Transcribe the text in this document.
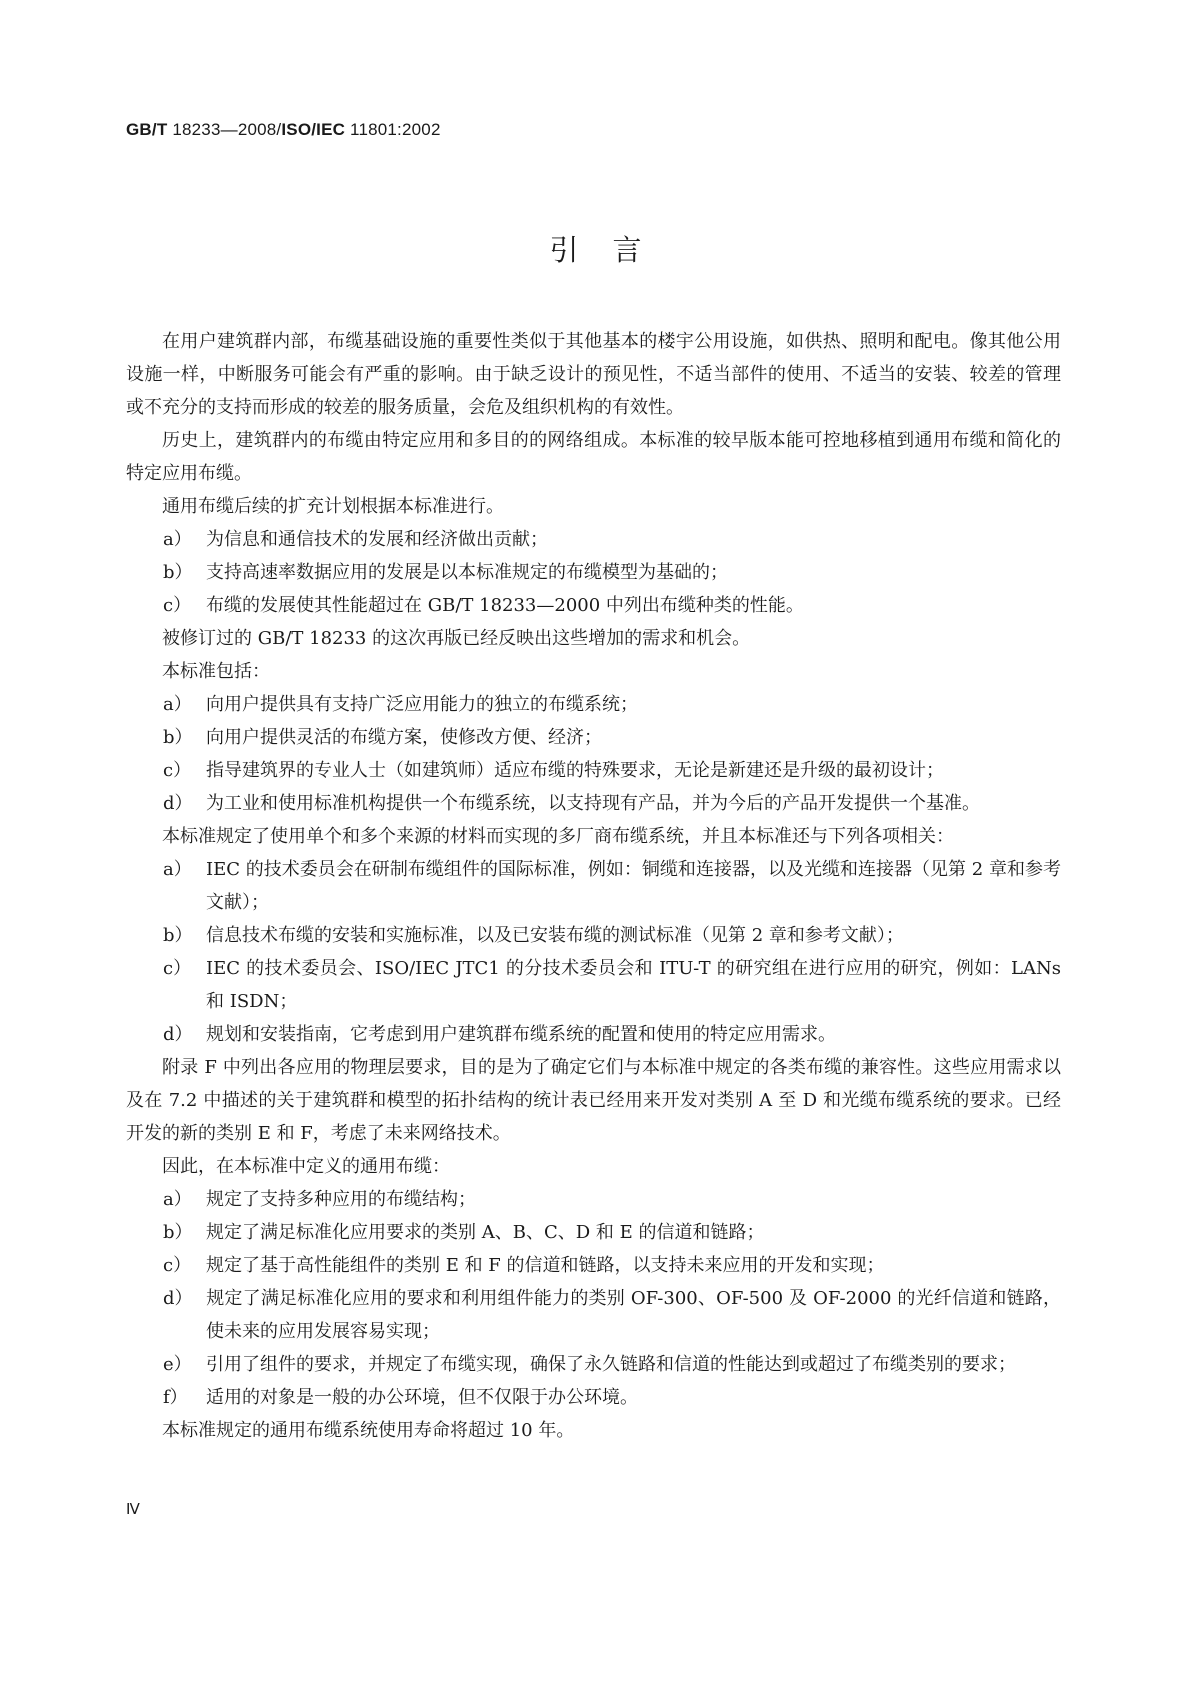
GB/T 18233—2008/ISO/IEC 11801:2002
引言

在用户建筑群内部，布缆基础设施的重要性类似于其他基本的楼宇公用设施，如供热、照明和配电。像其他公用设施一样，中断服务可能会有严重的影响。由于缺乏设计的预见性，不适当部件的使用、不适当的安装、较差的管理或不充分的支持而形成的较差的服务质量，会危及组织机构的有效性。

历史上，建筑群内的布缆由特定应用和多目的的网络组成。本标准的较早版本能可控地移植到通用布缆和简化的特定应用布缆。

通用布缆后续的扩充计划根据本标准进行。

a） 为信息和通信技术的发展和经济做出贡献；

b） 支持高速率数据应用的发展是以本标准规定的布缆模型为基础的；

c） 布缆的发展使其性能超过在 GB/T 18233—2000 中列出布缆种类的性能。

被修订过的 GB/T 18233 的这次再版已经反映出这些增加的需求和机会。

本标准包括：

a） 向用户提供具有支持广泛应用能力的独立的布缆系统；

b） 向用户提供灵活的布缆方案，使修改方便、经济；

c） 指导建筑界的专业人士（如建筑师）适应布缆的特殊要求，无论是新建还是升级的最初设计；

d） 为工业和使用标准机构提供一个布缆系统，以支持现有产品，并为今后的产品开发提供一个基准。

本标准规定了使用单个和多个来源的材料而实现的多厂商布缆系统，并且本标准还与下列各项相关：

a） IEC 的技术委员会在研制布缆组件的国际标准，例如：铜缆和连接器，以及光缆和连接器（见第 2 章和参考文献）；

b） 信息技术布缆的安装和实施标准，以及已安装布缆的测试标准（见第 2 章和参考文献）；

c） IEC 的技术委员会、ISO/IEC JTC1 的分技术委员会和 ITU-T 的研究组在进行应用的研究，例如：LANs 和 ISDN；

d） 规划和安装指南，它考虑到用户建筑群布缆系统的配置和使用的特定应用需求。

附录 F 中列出各应用的物理层要求，目的是为了确定它们与本标准中规定的各类布缆的兼容性。这些应用需求以及在 7.2 中描述的关于建筑群和模型的拓扑结构的统计表已经用来开发对类别 A 至 D 和光缆布缆系统的要求。已经开发的新的类别 E 和 F，考虑了未来网络技术。

因此，在本标准中定义的通用布缆：

a） 规定了支持多种应用的布缆结构；

b） 规定了满足标准化应用要求的类别 A、B、C、D 和 E 的信道和链路；

c） 规定了基于高性能组件的类别 E 和 F 的信道和链路，以支持未来应用的开发和实现；

d） 规定了满足标准化应用的要求和利用组件能力的类别 OF-300、OF-500 及 OF-2000 的光纤信道和链路，使未来的应用发展容易实现；

e） 引用了组件的要求，并规定了布缆实现，确保了永久链路和信道的性能达到或超过了布缆类别的要求；

f） 适用的对象是一般的办公环境，但不仅限于办公环境。

本标准规定的通用布缆系统使用寿命将超过 10 年。

Ⅳ
